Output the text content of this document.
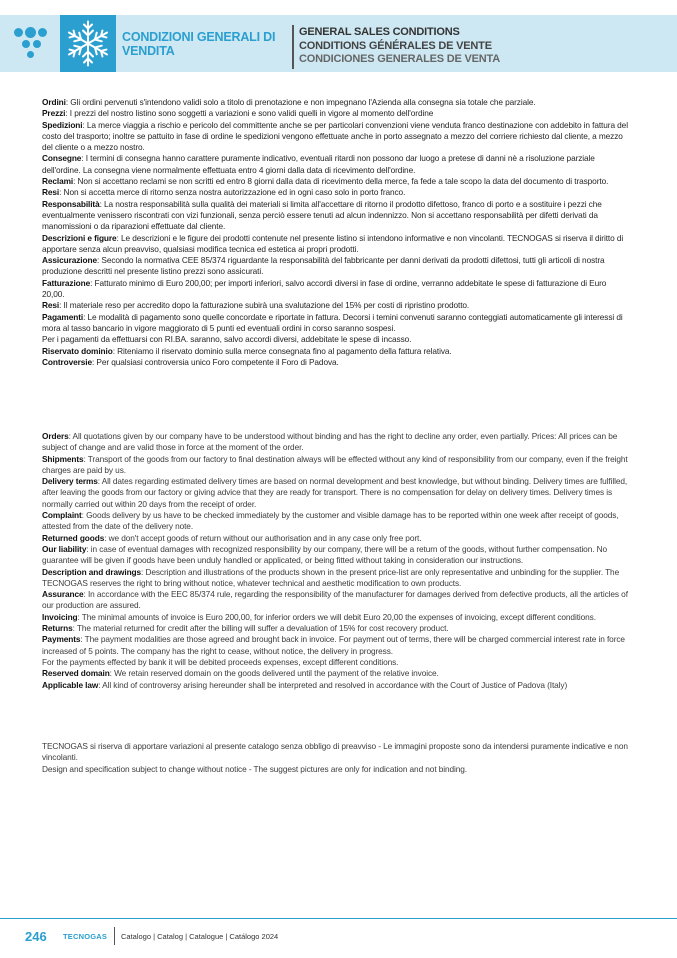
CONDIZIONI GENERALI DI VENDITA
GENERAL SALES CONDITIONS
CONDITIONS GÉNÉRALES DE VENTE
CONDICIONES GENERALES DE VENTA

Ordini: Gli ordini pervenuti s'intendono validi solo a titolo di prenotazione e non impegnano l'Azienda alla consegna sia totale che parziale.

Prezzi: I prezzi del nostro listino sono soggetti a variazioni e sono validi quelli in vigore al momento dell'ordine

Spedizioni: La merce viaggia a rischio e pericolo del committente anche se per particolari convenzioni viene venduta franco destinazione con addebito in fattura del costo del trasporto; inoltre se pattuito in fase di ordine le spedizioni vengono effettuate anche in porto assegnato a mezzo del corriere richiesto dal cliente, a mezzo del cliente o a mezzo nostro.

Consegne: I termini di consegna hanno carattere puramente indicativo, eventuali ritardi non possono dar luogo a pretese di danni nè a risoluzione parziale dell'ordine. La consegna viene normalmente effettuata entro 4 giorni dalla data di ricevimento dell'ordine.

Reclami: Non si accettano reclami se non scritti ed entro 8 giorni dalla data di ricevimento della merce, fa fede a tale scopo la data del documento di trasporto.

Resi: Non si accetta merce di ritorno senza nostra autorizzazione ed in ogni caso solo in porto franco.

Responsabilità: La nostra responsabilità sulla qualità dei materiali si limita all'accettare di ritorno il prodotto difettoso, franco di porto e a sostituire i pezzi che eventualmente venissero riscontrati con vizi funzionali, senza perciò essere tenuti ad alcun indennizzo. Non si accettano responsabilità per difetti derivati da manomissioni o da riparazioni effettuate dal cliente.

Descrizioni e figure: Le descrizioni e le figure dei prodotti contenute nel presente listino si intendono informative e non vincolanti. TECNOGAS si riserva il diritto di apportare senza alcun preavviso, qualsiasi modifica tecnica ed estetica ai propri prodotti.

Assicurazione: Secondo la normativa CEE 85/374 riguardante la responsabilità del fabbricante per danni derivati da prodotti difettosi, tutti gli articoli di nostra produzione descritti nel presente listino prezzi sono assicurati.

Fatturazione: Fatturato minimo di Euro 200,00; per importi inferiori, salvo accordi diversi in fase di ordine, verranno addebitate le spese di fatturazione di Euro 20,00.

Resi: Il materiale reso per accredito dopo la fatturazione subirà una svalutazione del 15% per costi di ripristino prodotto.

Pagamenti: Le modalità di pagamento sono quelle concordate e riportate in fattura. Decorsi i temini convenuti saranno conteggiati automaticamente gli interessi di mora al tasso bancario in vigore maggiorato di 5 punti ed eventuali ordini in corso saranno sospesi.

Per i pagamenti da effettuarsi con RI.BA. saranno, salvo accordi diversi, addebitate le spese di incasso.

Riservato dominio: Riteniamo il riservato dominio sulla merce consegnata fino al pagamento della fattura relativa.

Controversie: Per qualsiasi controversia unico Foro competente il Foro di Padova.

Orders: All quotations given by our company have to be understood without binding and has the right to decline any order, even partially. Prices: All prices can be subject of change and are valid those in force at the moment of the order.

Shipments: Transport of the goods from our factory to final destination always will be effected without any kind of responsibility from our company, even if the freight charges are paid by us.

Delivery terms: All dates regarding estimated delivery times are based on normal development and best knowledge, but without binding. Delivery times are fulfilled, after leaving the goods from our factory or giving advice that they are ready for transport. There is no compensation for delay on delivery times. Delivery times is normally carried out within 20 days from the receipt of order.

Complaint: Goods delivery by us have to be checked immediately by the customer and visible damage has to be reported within one week after receipt of goods, attested from the date of the delivery note.

Returned goods: we don't accept goods of return without our authorisation and in any case only free port.

Our liability: in case of eventual damages with recognized responsibility by our company, there will be a return of the goods, without further compensation. No guarantee will be given if goods have been unduly handled or applicated, or being fitted without taking in consideration our instructions.

Description and drawings: Description and illustrations of the products shown in the present price-list are only representative and unbinding for the supplier. The TECNOGAS reserves the right to bring without notice, whatever technical and aesthetic modification to own products.

Assurance: In accordance with the EEC 85/374 rule, regarding the responsibility of the manufacturer for damages derived from defective products, all the articles of our production are assured.

Invoicing: The minimal amounts of invoice is Euro 200,00, for inferior orders we will debit Euro 20,00 the expenses of invoicing, except different conditions.

Returns: The material returned for credit after the billing will suffer a devaluation of 15% for cost recovery product.

Payments: The payment modalities are those agreed and brought back in invoice. For payment out of terms, there will be charged commercial interest rate in force increased of 5 points. The company has the right to cease, without notice, the delivery in progress.

For the payments effected by bank it will be debited proceeds expenses, except different conditions.

Reserved domain: We retain reserved domain on the goods delivered until the payment of the relative invoice.

Applicable law: All kind of controversy arising hereunder shall be interpreted and resolved in accordance with the Court of Justice of Padova (Italy)

TECNOGAS si riserva di apportare variazioni al presente catalogo senza obbligo di preavviso - Le immagini proposte sono da intendersi puramente indicative e non vincolanti.

Design and specification subject to change without notice - The suggest pictures are only for indication and not binding.

246 TECNOGAS Catalogo | Catalog | Catalogue | Catálogo 2024
